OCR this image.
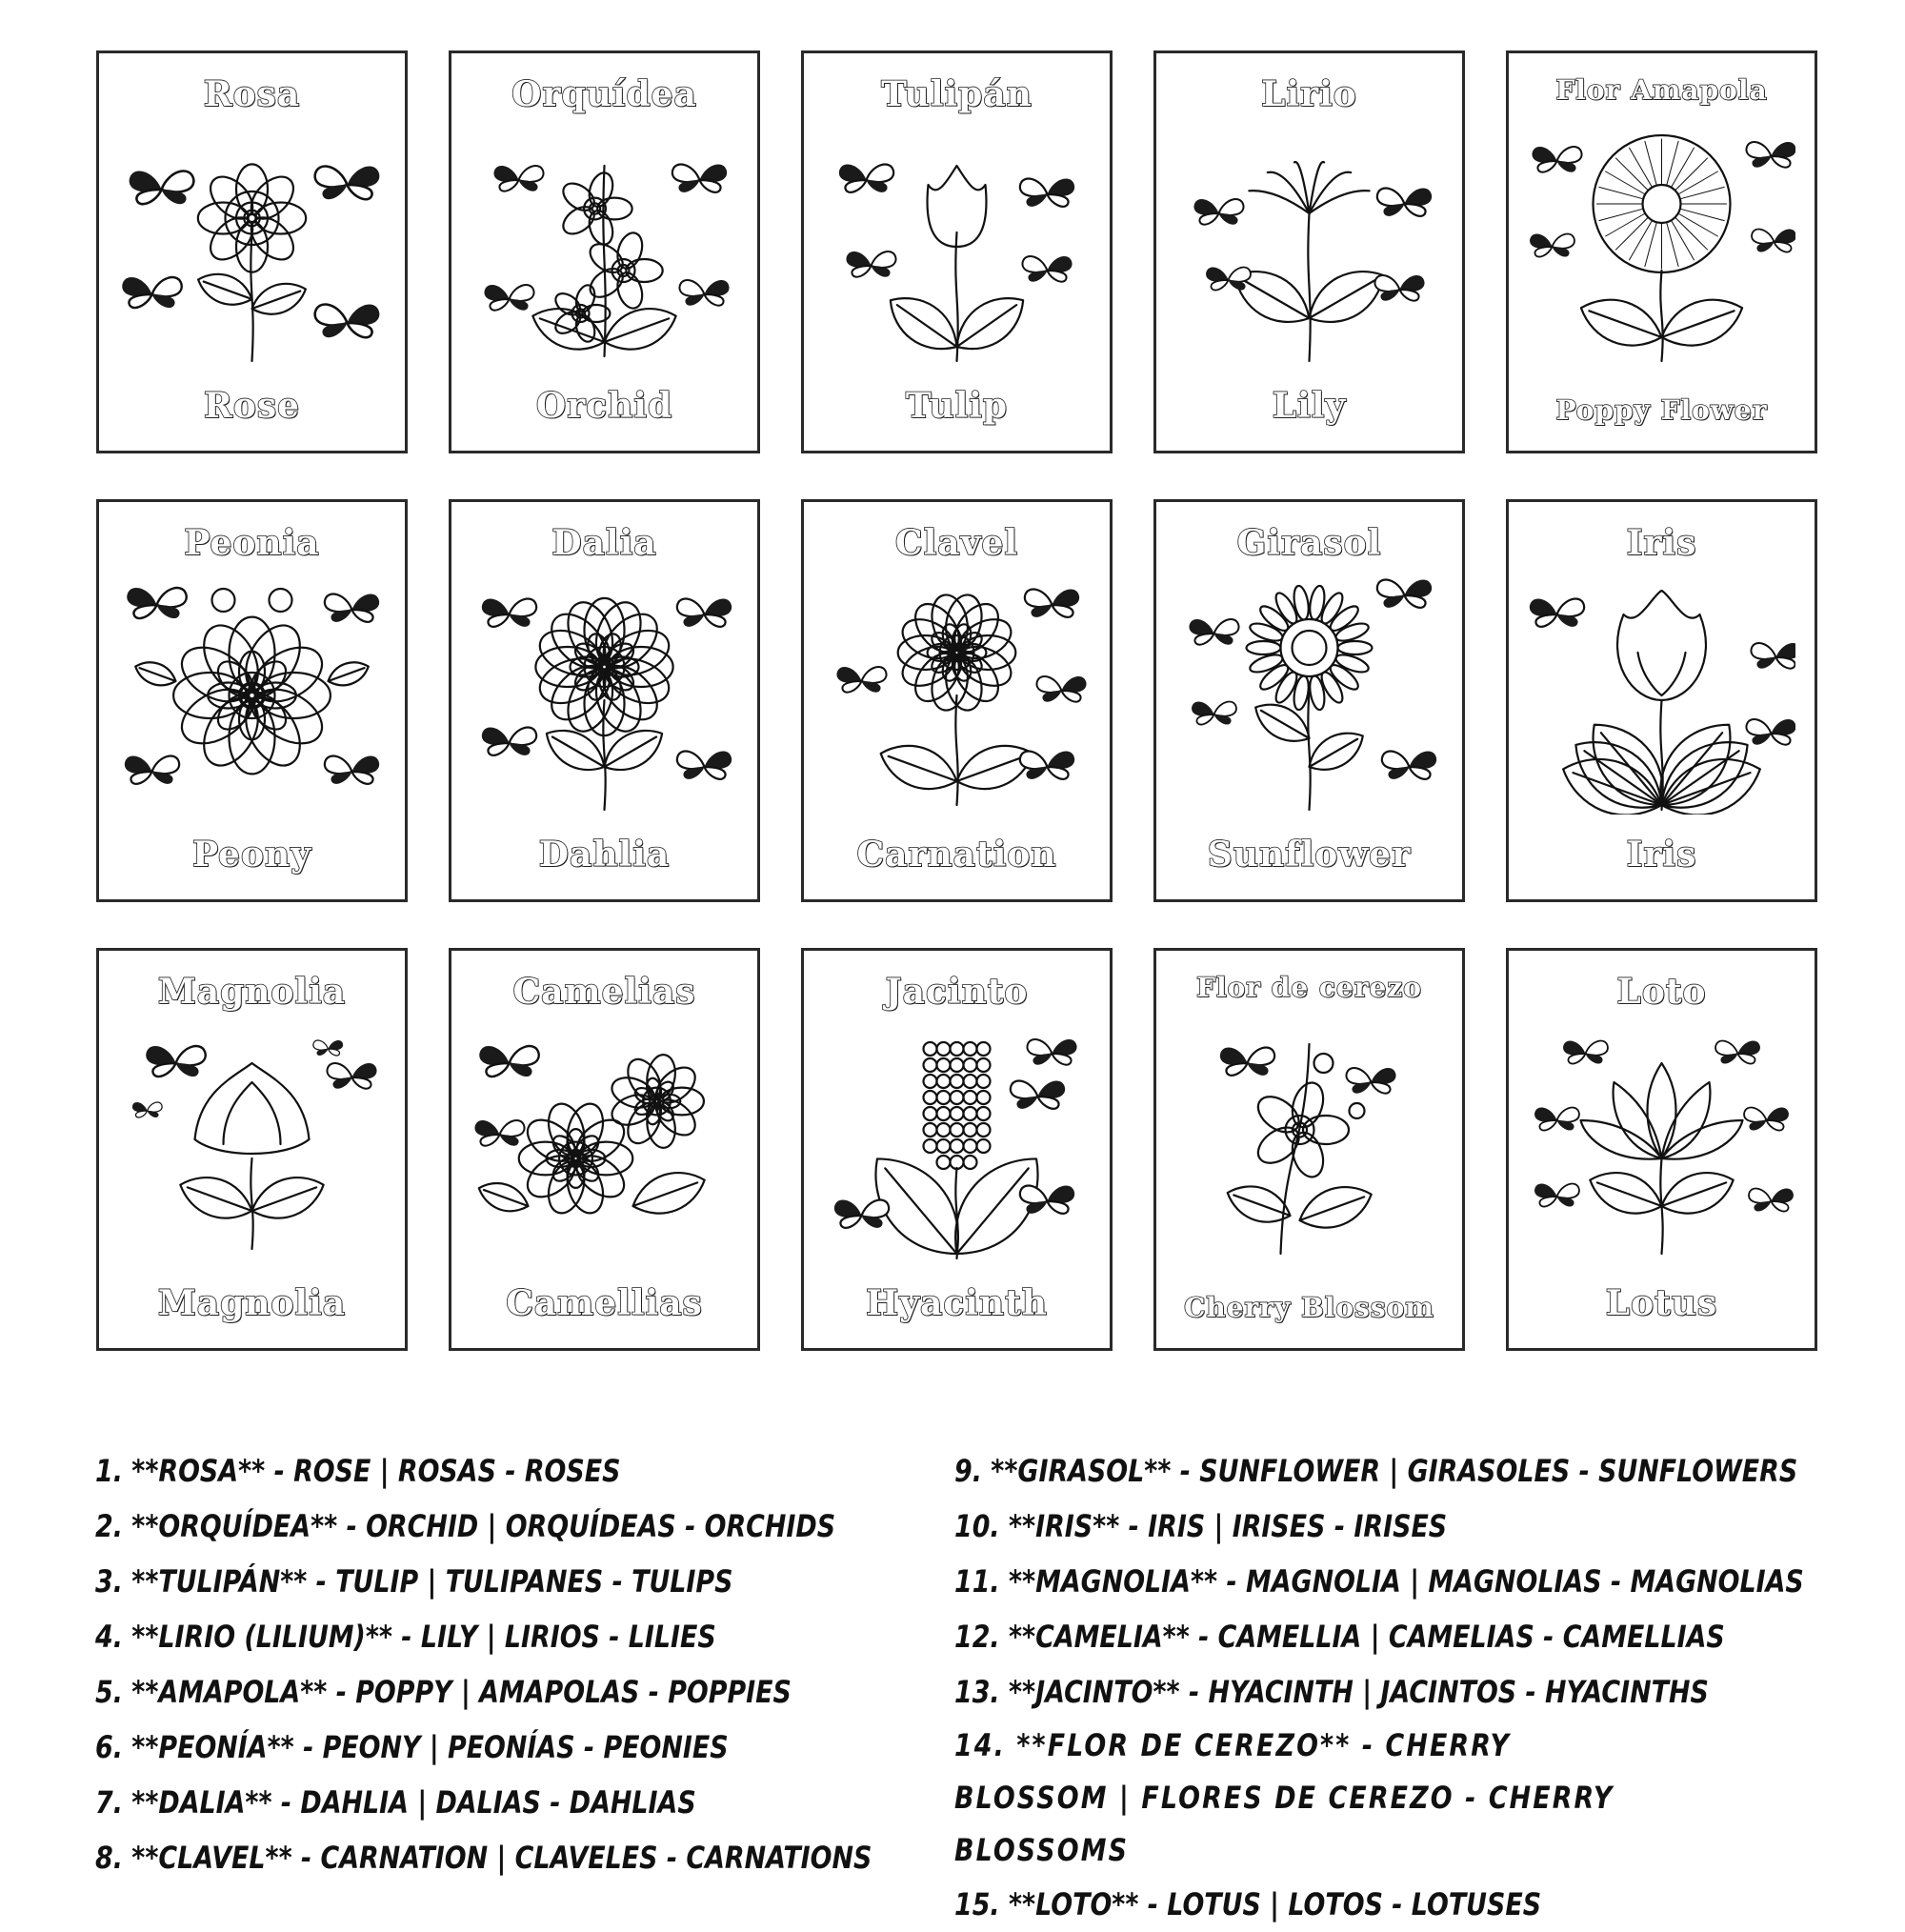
Rosa
Rose
Orquídea
Orchid
Tulipán
Tulip
Lirio
Lily
Flor Amapola
Poppy Flower
Peonia
Peony
Dalia
Dahlia
Clavel
Carnation
Girasol
Sunflower
Iris
Iris
Magnolia
Magnolia
Camelias
Camellias
Jacinto
Hyacinth
Flor de cerezo
Cherry Blossom
Loto
Lotus
1. **ROSA** - ROSE | ROSAS - ROSES
2. **ORQUÍDEA** - ORCHID | ORQUÍDEAS - ORCHIDS
3. **TULIPÁN** - TULIP | TULIPANES - TULIPS
4. **LIRIO (LILIUM)** - LILY | LIRIOS - LILIES
5. **AMAPOLA** - POPPY | AMAPOLAS - POPPIES
6. **PEONÍA** - PEONY | PEONÍAS - PEONIES
7. **DALIA** - DAHLIA | DALIAS - DAHLIAS
8. **CLAVEL** - CARNATION | CLAVELES - CARNATIONS
9. **GIRASOL** - SUNFLOWER | GIRASOLES - SUNFLOWERS
10. **IRIS** - IRIS | IRISES - IRISES
11. **MAGNOLIA** - MAGNOLIA | MAGNOLIAS - MAGNOLIAS
12. **CAMELIA** - CAMELLIA | CAMELIAS - CAMELLIAS
13. **JACINTO** - HYACINTH | JACINTOS - HYACINTHS
14. **FLOR DE CEREZO** - CHERRY BLOSSOM | FLORES DE CEREZO - CHERRY BLOSSOMS
15. **LOTO** - LOTUS | LOTOS - LOTUSES
